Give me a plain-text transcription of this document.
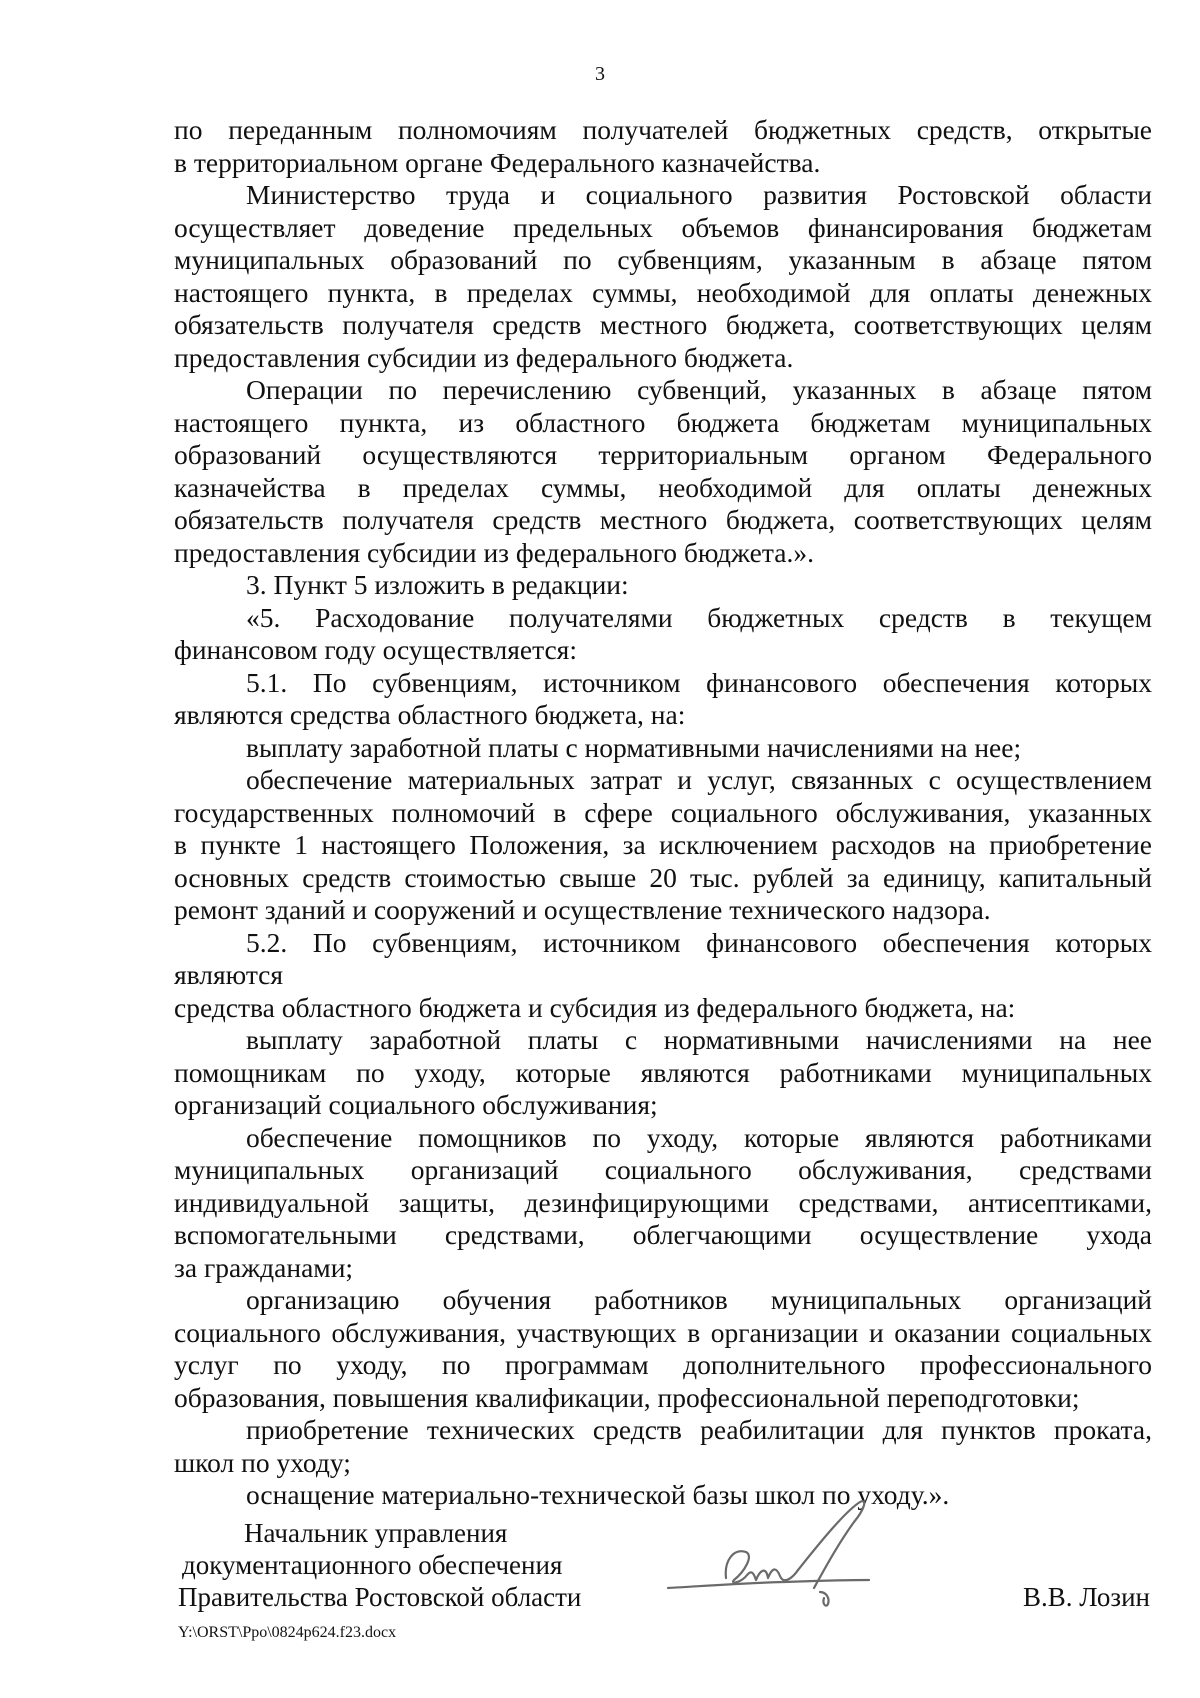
3
по переданным полномочиям получателей бюджетных средств, открытые
в территориальном органе Федерального казначейства.
Министерство труда и социального развития Ростовской области
осуществляет доведение предельных объемов финансирования бюджетам
муниципальных образований по субвенциям, указанным в абзаце пятом
настоящего пункта, в пределах суммы, необходимой для оплаты денежных
обязательств получателя средств местного бюджета, соответствующих целям
предоставления субсидии из федерального бюджета.
Операции по перечислению субвенций, указанных в абзаце пятом
настоящего пункта, из областного бюджета бюджетам муниципальных
образований осуществляются территориальным органом Федерального
казначейства в пределах суммы, необходимой для оплаты денежных
обязательств получателя средств местного бюджета, соответствующих целям
предоставления субсидии из федерального бюджета.».
3. Пункт 5 изложить в редакции:
«5. Расходование получателями бюджетных средств в текущем
финансовом году осуществляется:
5.1. По субвенциям, источником финансового обеспечения которых
являются средства областного бюджета, на:
выплату заработной платы с нормативными начислениями на нее;
обеспечение материальных затрат и услуг, связанных с осуществлением
государственных полномочий в сфере социального обслуживания, указанных
в пункте 1 настоящего Положения, за исключением расходов на приобретение
основных средств стоимостью свыше 20 тыс. рублей за единицу, капитальный
ремонт зданий и сооружений и осуществление технического надзора.
5.2. По субвенциям, источником финансового обеспечения которых являются
средства областного бюджета и субсидия из федерального бюджета, на:
выплату заработной платы с нормативными начислениями на нее
помощникам по уходу, которые являются работниками муниципальных
организаций социального обслуживания;
обеспечение помощников по уходу, которые являются работниками
муниципальных организаций социального обслуживания, средствами
индивидуальной защиты, дезинфицирующими средствами, антисептиками,
вспомогательными средствами, облегчающими осуществление ухода
за гражданами;
организацию обучения работников муниципальных организаций
социального обслуживания, участвующих в организации и оказании социальных
услуг по уходу, по программам дополнительного профессионального
образования, повышения квалификации, профессиональной переподготовки;
приобретение технических средств реабилитации для пунктов проката,
школ по уходу;
оснащение материально-технической базы школ по уходу.».
Начальник управления
документационного обеспечения
Правительства Ростовской области	В.В. Лозин
Y:\ORST\Ppo\0824p624.f23.docx
